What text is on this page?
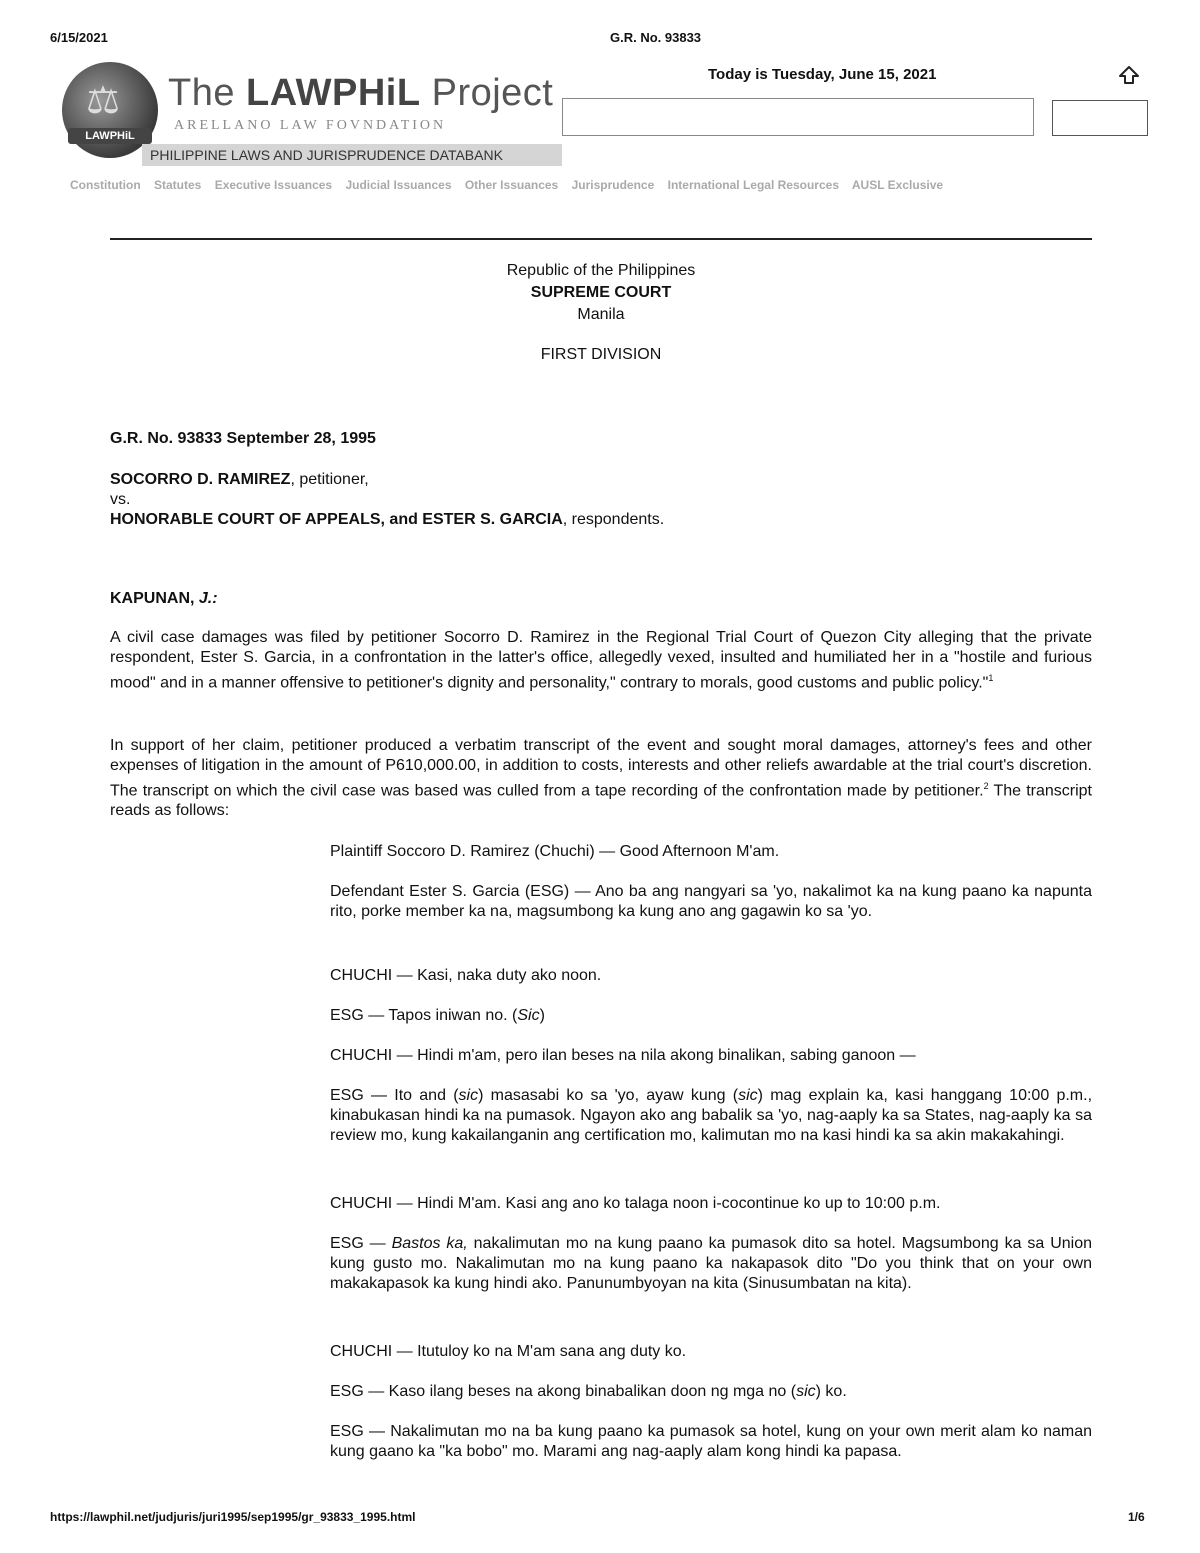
6/15/2021	G.R. No. 93833
⚖
LAWPHiL
The LAWPHiL Project
ARELLANO LAW FOVNDATION
PHILIPPINE LAWS AND JURISPRUDENCE DATABANK
Today is Tuesday, June 15, 2021
Constitution Statutes Executive Issuances Judicial Issuances Other Issuances Jurisprudence International Legal Resources AUSL Exclusive
Republic of the Philippines
SUPREME COURT
Manila
FIRST DIVISION
G.R. No. 93833 September 28, 1995
SOCORRO D. RAMIREZ, petitioner,
vs.
HONORABLE COURT OF APPEALS, and ESTER S. GARCIA, respondents.
KAPUNAN, J.:
A civil case damages was filed by petitioner Socorro D. Ramirez in the Regional Trial Court of Quezon City alleging that the private respondent, Ester S. Garcia, in a confrontation in the latter's office, allegedly vexed, insulted and humiliated her in a "hostile and furious mood" and in a manner offensive to petitioner's dignity and personality," contrary to morals, good customs and public policy."$^1$
In support of her claim, petitioner produced a verbatim transcript of the event and sought moral damages, attorney's fees and other expenses of litigation in the amount of P610,000.00, in addition to costs, interests and other reliefs awardable at the trial court's discretion. The transcript on which the civil case was based was culled from a tape recording of the confrontation made by petitioner.$^2$ The transcript reads as follows:
Plaintiff Soccoro D. Ramirez (Chuchi) — Good Afternoon M'am.
Defendant Ester S. Garcia (ESG) — Ano ba ang nangyari sa 'yo, nakalimot ka na kung paano ka napunta rito, porke member ka na, magsumbong ka kung ano ang gagawin ko sa 'yo.
CHUCHI — Kasi, naka duty ako noon.
ESG — Tapos iniwan no. (Sic)
CHUCHI — Hindi m'am, pero ilan beses na nila akong binalikan, sabing ganoon —
ESG — Ito and (sic) masasabi ko sa 'yo, ayaw kung (sic) mag explain ka, kasi hanggang 10:00 p.m., kinabukasan hindi ka na pumasok. Ngayon ako ang babalik sa 'yo, nag-aaply ka sa States, nag-aaply ka sa review mo, kung kakailanganin ang certification mo, kalimutan mo na kasi hindi ka sa akin makakahingi.
CHUCHI — Hindi M'am. Kasi ang ano ko talaga noon i-cocontinue ko up to 10:00 p.m.
ESG — Bastos ka, nakalimutan mo na kung paano ka pumasok dito sa hotel. Magsumbong ka sa Union kung gusto mo. Nakalimutan mo na kung paano ka nakapasok dito "Do you think that on your own makakapasok ka kung hindi ako. Panunumbyoyan na kita (Sinusumbatan na kita).
CHUCHI — Itutuloy ko na M'am sana ang duty ko.
ESG — Kaso ilang beses na akong binabalikan doon ng mga no (sic) ko.
ESG — Nakalimutan mo na ba kung paano ka pumasok sa hotel, kung on your own merit alam ko naman kung gaano ka "ka bobo" mo. Marami ang nag-aaply alam kong hindi ka papasa.
https://lawphil.net/judjuris/juri1995/sep1995/gr_93833_1995.html	1/6
